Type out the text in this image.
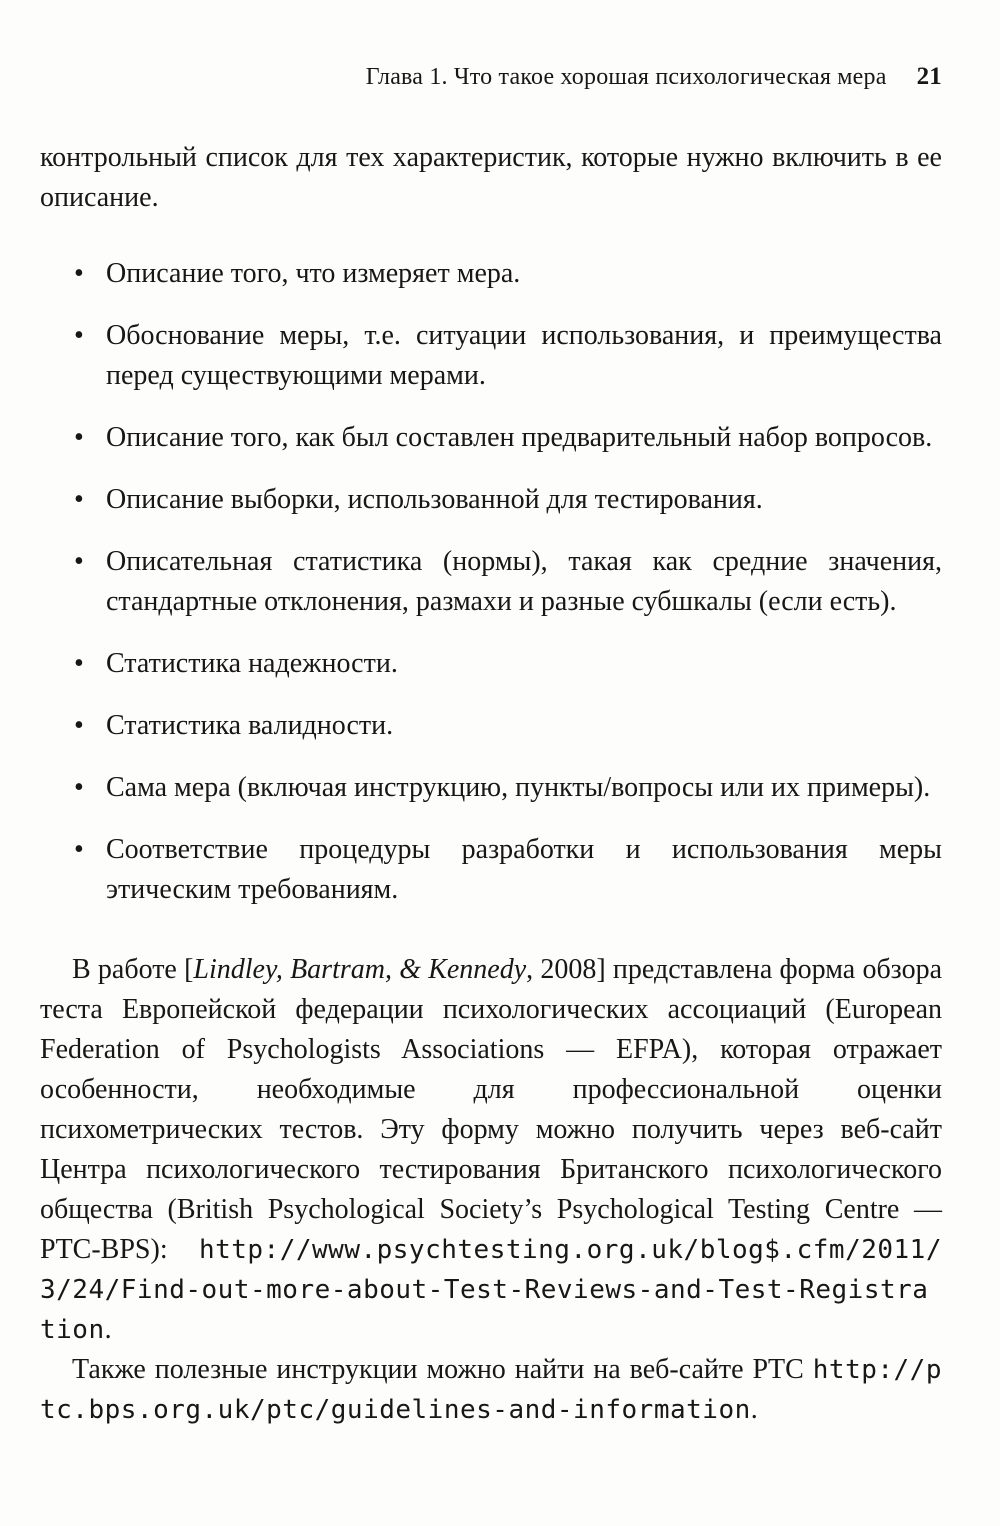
Глава 1. Что такое хорошая психологическая мера 21

контрольный список для тех характеристик, которые нужно включить в ее описание.

• Описание того, что измеряет мера.
• Обоснование меры, т.е. ситуации использования, и преимущества перед существующими мерами.
• Описание того, как был составлен предварительный набор вопросов.
• Описание выборки, использованной для тестирования.
• Описательная статистика (нормы), такая как средние значения, стандартные отклонения, размахи и разные субшкалы (если есть).
• Статистика надежности.
• Статистика валидности.
• Сама мера (включая инструкцию, пункты/вопросы или их примеры).
• Соответствие процедуры разработки и использования меры этическим требованиям.

В работе [Lindley, Bartram, & Kennedy, 2008] представлена форма обзора теста Европейской федерации психологических ассоциаций (European Federation of Psychologists Associations — EFPA), которая отражает особенности, необходимые для профессиональной оценки психометрических тестов. Эту форму можно получить через веб-сайт Центра психологического тестирования Британского психологического общества (British Psychological Society’s Psychological Testing Centre — PTC-BPS): http://www.psychtesting.org.uk/blog$.cfm/2011/3/24/Find-out-more-about-Test-Reviews-and-Test-Registration.

Также полезные инструкции можно найти на веб-сайте PTC http://ptc.bps.org.uk/ptc/guidelines-and-information.
